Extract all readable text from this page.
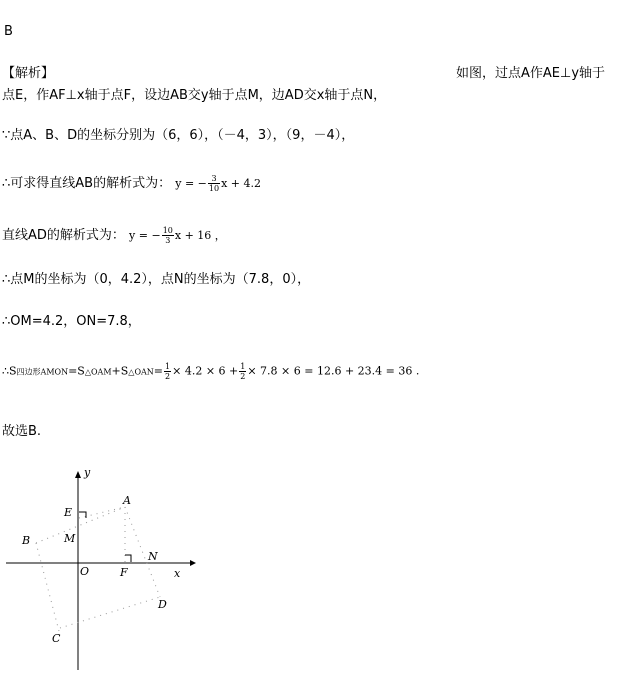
B
【解析】	如图，过点A作AE⊥y轴于
点E，作AF⊥x轴于点F，设边AB交y轴于点M，边AD交x轴于点N，
∵点A、B、D的坐标分别为（6，6），（－4，3），（9，－4），
∴可求得直线AB的解析式为： y = − $\frac{3}{10}$ x + 4.2
直线AD的解析式为： y = − $\frac{10}{3}$ x + 16 ，
∴点M的坐标为（0，4.2），点N的坐标为（7.8，0），
∴OM=4.2，ON=7.8，
∴S四边形AMON=S△OAM+S△OAN= $\frac{1}{2} \times 4.2 \times 6 + \frac{1}{2} \times 7.8 \times 6 = 12.6 + 23.4 = 36$ .
故选B.
y
x
E
A
B	M
N
O	F
D
C
